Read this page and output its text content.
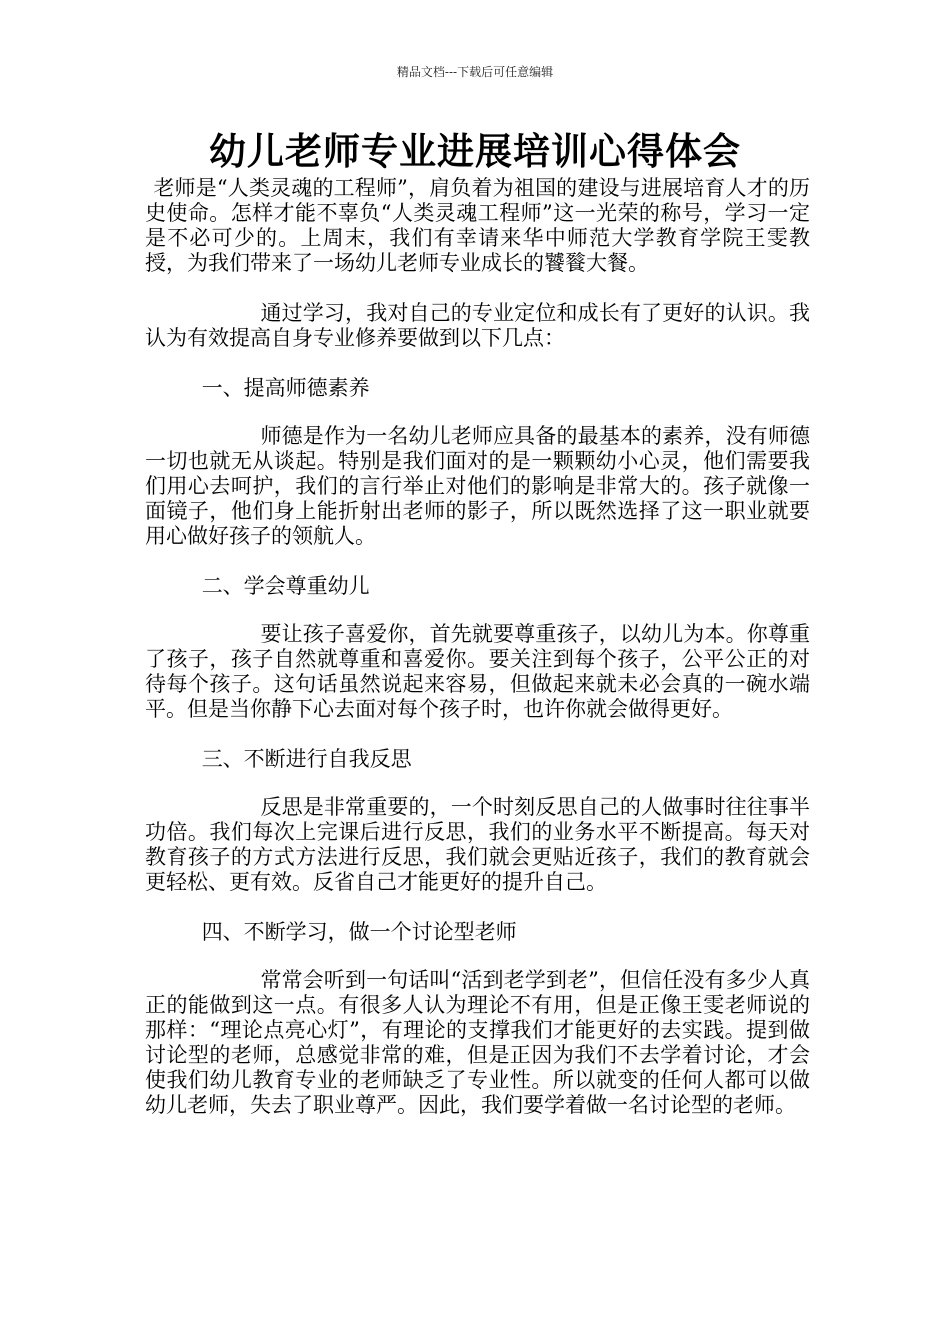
精品文档---下载后可任意编辑
幼儿老师专业进展培训心得体会

老师是“人类灵魂的工程师”，肩负着为祖国的建设与进展培育人才的历史使命。怎样才能不辜负“人类灵魂工程师”这一光荣的称号，学习一定是不必可少的。上周末，我们有幸请来华中师范大学教育学院王雯教授，为我们带来了一场幼儿老师专业成长的饕餮大餐。

通过学习，我对自己的专业定位和成长有了更好的认识。我认为有效提高自身专业修养要做到以下几点：

一、提高师德素养

师德是作为一名幼儿老师应具备的最基本的素养，没有师德一切也就无从谈起。特别是我们面对的是一颗颗幼小心灵，他们需要我们用心去呵护，我们的言行举止对他们的影响是非常大的。孩子就像一面镜子，他们身上能折射出老师的影子，所以既然选择了这一职业就要用心做好孩子的领航人。

二、学会尊重幼儿

要让孩子喜爱你，首先就要尊重孩子，以幼儿为本。你尊重了孩子，孩子自然就尊重和喜爱你。要关注到每个孩子，公平公正的对待每个孩子。这句话虽然说起来容易，但做起来就未必会真的一碗水端平。但是当你静下心去面对每个孩子时，也许你就会做得更好。

三、不断进行自我反思

反思是非常重要的，一个时刻反思自己的人做事时往往事半功倍。我们每次上完课后进行反思，我们的业务水平不断提高。每天对教育孩子的方式方法进行反思，我们就会更贴近孩子，我们的教育就会更轻松、更有效。反省自己才能更好的提升自己。

四、不断学习，做一个讨论型老师

常常会听到一句话叫“活到老学到老”，但信任没有多少人真正的能做到这一点。有很多人认为理论不有用，但是正像王雯老师说的那样：“理论点亮心灯”，有理论的支撑我们才能更好的去实践。提到做讨论型的老师，总感觉非常的难，但是正因为我们不去学着讨论，才会使我们幼儿教育专业的老师缺乏了专业性。所以就变的任何人都可以做幼儿老师，失去了职业尊严。因此，我们要学着做一名讨论型的老师。
